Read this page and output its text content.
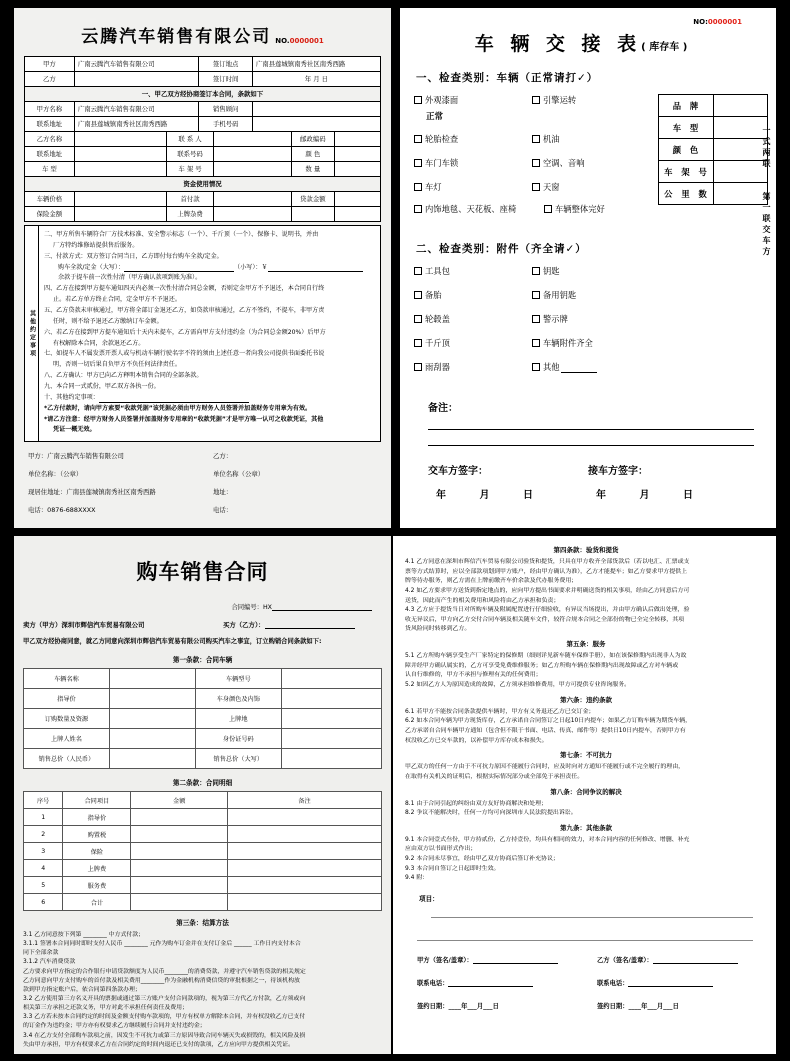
云腾汽车销售有限公司 NO.0000001
甲方	广南云腾汽车销售有限公司	签订地点	广南县莲城镇南秀社区南秀西路
乙方		签订时间	年 月 日
一、甲乙双方经协商签订本合同，条款如下			
甲方名称	广南云腾汽车销售有限公司	销售顾问	
联系地址	广南县莲城镇南秀社区南秀西路	手机号码	
乙方名称		联 系 人		邮政编码	
联系地址		联系号码		颜 色	
车 型		车 架 号		数 量	
资金使用情况					
车辆价格		首付款		贷款金额	
保险金额		上牌杂费			
其他约定事项

二、甲方所售车辆符合厂方技术标准、安全警示标志（一个）、千斤顶（一个）、保修卡、说明书，并由

厂方特约维修站提供售后服务。

三、付款方式：双方签订合同当日，乙方即付每台购车全款/定金。

购车全款/定金（大写）：	（小写）：￥

余款于提车前一次性付清（甲方确认款项到账为准）。

四、乙方在接到甲方提车通知四天内必须一次性付清合同总金额，否则定金甲方不予退还，本合同自行终

止。若乙方单方终止合同，定金甲方不予退还。

五、乙方贷款未审核通过，甲方将全部订金退还乙方，如贷款审核通过，乙方不签约，不提车，非甲方责

任时，则不给予退还乙方缴纳订车金额。

六、若乙方在接到甲方提车通知后十天内未提车，乙方需向甲方支付违约金（为合同总金额20%）后甲方

有权解除本合同，余款退还乙方。

七、如提车人不属发票开票人或与机动车辆行驶名字不符的须由上述任意一者向我公司提供书面委托书说

明，否则一切后果自负甲方不负任何法律责任。

八、乙方确认：甲方已向乙方释明本销售合同的全部条款。

九、本合同一式贰份，甲乙双方各执一份。

十、其他约定事项：

*乙方付款时，请向甲方索要“收款凭据”该凭据必须由甲方财务人员签署并加盖财务专用章为有效。

*请乙方注意：经甲方财务人员签署并加盖财务专用章的“收款凭据”才是甲方唯一认可之收款凭证，其他

凭证一概无效。

甲方：广南云腾汽车销售有限公司	乙方：
单位名称：（公章）	单位名称（公章）
现居住地址：广南县莲城镇南秀社区南秀西路	地址：
电话：0876-688XXXX	电话：
NO:0000001
车 辆 交 接 表( 库存车 )
一、检查类别：车辆（正常请打✓）
外观漆面	引擎运转
正常
轮胎检查	机油
车门车锁	空调、音响
车灯	天窗
品 牌	
车 型	
颜 色	
车 架 号	
公 里 数	
内饰地毯、天花板、座椅	车辆整体完好
二、检查类别：附件（齐全请✓）
工具包	钥匙
备胎	备用钥匙
轮毂盖	警示牌
千斤顶	车辆附件齐全
雨刮器	其他
备注：
交车方签字：	接车方签字：
年	月	日	年	月	日
一式两联
第一联交车方
购车销售合同
合同编号：HX
卖方（甲方）深圳市辉信汽车贸易有限公司	买方（乙方）：
甲乙双方经协商同意，就乙方同意向深圳市辉信汽车贸易有限公司购买汽车之事宜，订立购销合同条款如下:
第一条款：合同车辆
车辆名称		车辆型号	
指导价		车身颜色及内饰	
订购数量及资源		上牌地	
上牌人姓名		身份证号码	
销售总价（人民币）		销售总价（大写）	
第二条款：合同明细
序号	合同项目	金额	备注
1	指导价		
2	购置税		
3	保险		
4	上牌费		
5	服务费		
6	合计		
第三条：结算方法

3.1 乙方同意按下列第 ________ 中方式付款；

3.1.1 签署本合同同时即时支付人民币 ________ 元作为购车订金并在支付订金后 ______ 工作日内支付本合

同下全部余款

3.1.2 汽车消费贷款

乙方要求向甲方指定的合作银行申请贷款额度为人民币________的消费贷款，并遵守汽车销售贷款的相关规定

乙方同意向甲方支付购车的首付款及相关费用________作为金融机构消费信贷的审批根据之一，待该机构放

款到甲方指定账户后，依合同第四条款办理；

3.2 乙方使用第三方名义开具的票据或通过第三方账户支付合同款项的，视为第三方代乙方付款，乙方须或向

相关第三方承担之还款义务，甲方对此不承担任何责任及费用；

3.3 乙方若未按本合同约定的时间及金额支付购车款项的，甲方有权单方解除本合同，并有权没收乙方已支付

的订金作为违约金；甲方亦有权要求乙方继续履行合同并支付违约金；

3.4 在乙方支付全部购车款项之前，因发生不可抗力或第三方原因导致合同车辆灭失或损毁的，相关风险及损

失由甲方承担，甲方有权要求乙方在合同约定的时间内退还已支付的款项，乙方应向甲方提供相关凭证。

第四条款：验货和提货

4.1 乙方同意在深圳市辉信汽车贸易有限公司验货和提货，只具在甲方收齐全部货款后（若以电汇、汇票或支

票等方式结算时，应以全部款项划到甲方账户，经由甲方确认为准），乙方才能提车；如乙方要求甲方提供上

牌等待办服务，则乙方需在上牌前缴齐车价余款及代办服务费用；

4.2 如乙方要求甲方送货到指定地点的，应向甲方提出书面要求并明确送货的相关事项，经由乙方同意后方可

送货，因此而产生的相关费用和风险将由乙方承担和负责；

4.3 乙方应于提货当日对所购车辆及附属配置进行仔细验收，有异议当场提出，并由甲方确认后做出处理，验

收无异议后，甲方向乙方交付合同车辆及相关随车文件，较符合规本合同之全部份的物已全完全转移，其项

货风险同时转移到乙方。

第五条：服务

5.1 乙方所购车辆享受生产厂家特定的保修期（细则详见新车随车保修手册），如在该保修期内出现非人为故

障并经甲方确认属实的，乙方可享受免费维修服务；如乙方所购车辆在保修期内出现故障或乙方对车辆或

认自行维修的，甲方不承担与修理有关的任何费用；

5.2 如因乙方人为原因造成的故障，乙方须承担维修费用，甲方可提供专业咨询服务。

第六条：违约条款

6.1 若甲方不能按合同条款提供车辆时，甲方有义务退还乙方已交订金；

6.2 如本合同车辆为甲方现货库存，乙方承诺自合同签订之日起10日内提车；如果乙方订购车辆为期货车辆，

乙方承诺自合同车辆甲方通知（包含但不限于书面、电话、传真、邮件等）提供日10日内提车，否则甲方有

权没收乙方已交车款的，以补偿甲方库存成本和损失。

第七条：不可抗力

甲乙双方的任何一方由于不可抗力原因不能履行合同时，应及时向对方通知不能履行或不完全履行的理由，

在取得有关机关的证明后，根据实际情况部分或全部免于承担责任。

第八条：合同争议的解决

8.1 由于合同引起的纠纷由双方友好协商解决和处理；

8.2 争议不能解决时，任何一方均可向深圳市人民法院提出诉讼。

第九条：其他条款

9.1 本合同壹式叁份，甲方持贰份，乙方持壹份，均具有相同的效力，对本合同内容的任何修改、增删、补充

应由双方以书面形式作出；

9.2 本合同未尽事宜，经由甲乙双方协商后签订补充协议；

9.3 本合同自签订之日起即时生效。

9.4 附：

项目：
甲方（签名/盖章）：	乙方（签名/盖章）：
联系电话：	联系电话：
签约日期：____年___月___日	签约日期：____年___月___日
